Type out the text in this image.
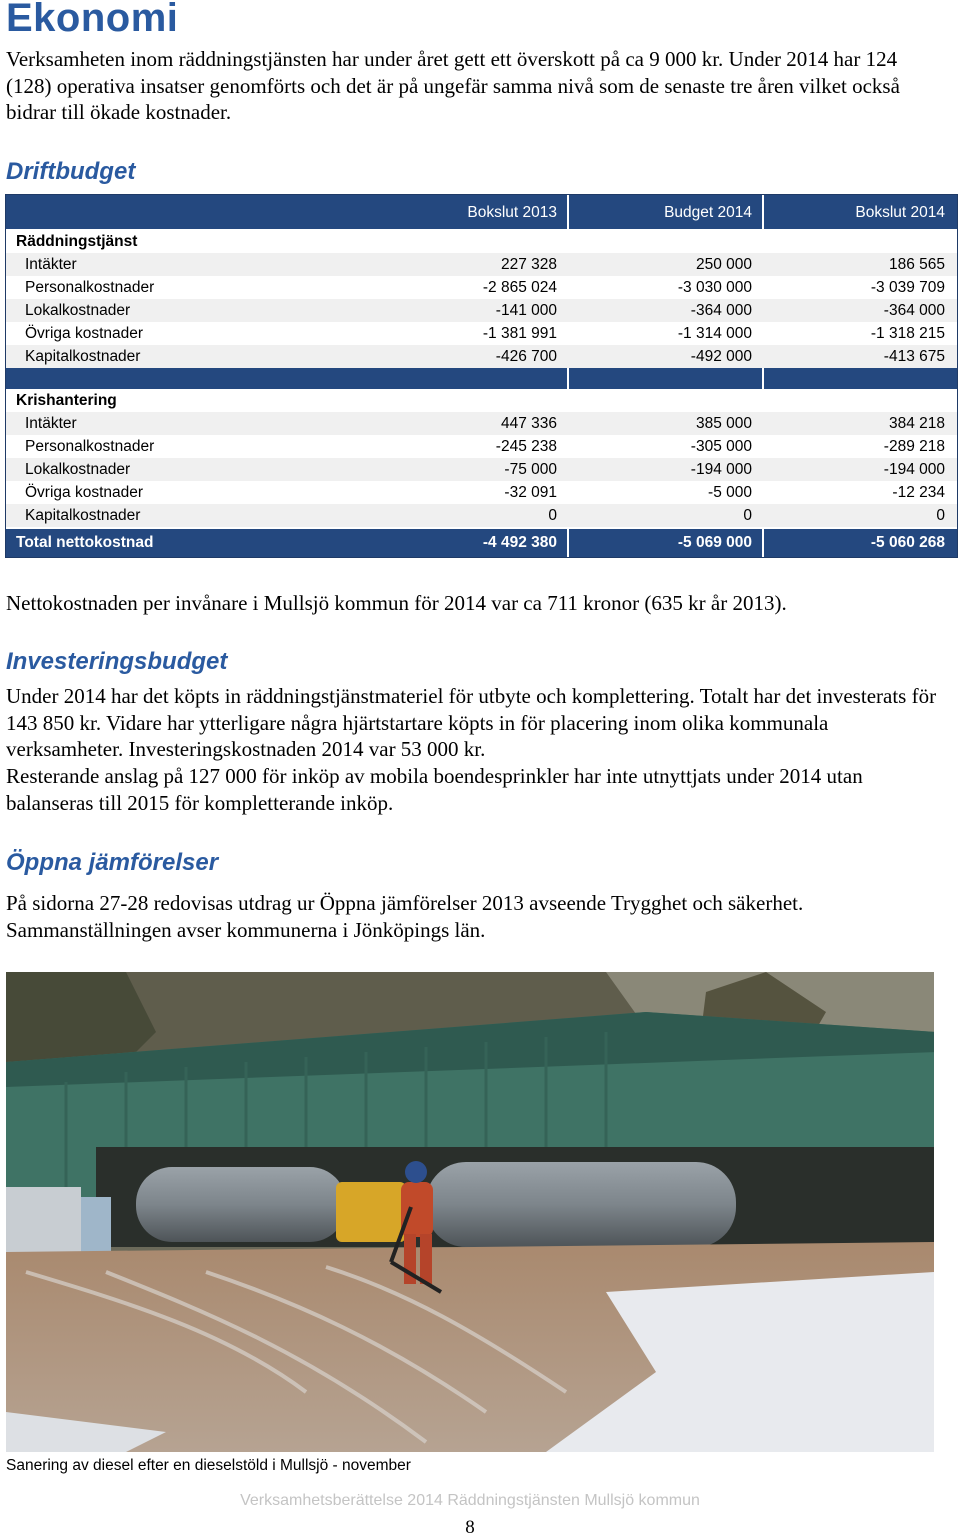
Ekonomi

Verksamheten inom räddningstjänsten har under året gett ett överskott på ca 9 000 kr. Under 2014 har 124 (128) operativa insatser genomförts och det är på ungefär samma nivå som de senaste tre åren vilket också bidrar till ökade kostnader.

Driftbudget
Bokslut 2013	Budget 2014	Bokslut 2014
Räddningstjänst
Intäkter	227 328	250 000	186 565
Personalkostnader	-2 865 024	-3 030 000	-3 039 709
Lokalkostnader	-141 000	-364 000	-364 000
Övriga kostnader	-1 381 991	-1 314 000	-1 318 215
Kapitalkostnader	-426 700	-492 000	-413 675
Krishantering
Intäkter	447 336	385 000	384 218
Personalkostnader	-245 238	-305 000	-289 218
Lokalkostnader	-75 000	-194 000	-194 000
Övriga kostnader	-32 091	-5 000	-12 234
Kapitalkostnader	0	0	0
Total nettokostnad	-4 492 380	-5 069 000	-5 060 268

Nettokostnaden per invånare i Mullsjö kommun för 2014 var ca 711 kronor (635 kr år 2013).

Investeringsbudget

Under 2014 har det köpts in räddningstjänstmateriel för utbyte och komplettering. Totalt har det investerats för 143 850 kr. Vidare har ytterligare några hjärtstartare köpts in för placering inom olika kommunala verksamheter. Investeringskostnaden 2014 var 53 000 kr.

Resterande anslag på 127 000 för inköp av mobila boendesprinkler har inte utnyttjats under 2014 utan balanseras till 2015 för kompletterande inköp.

Öppna jämförelser

På sidorna 27-28 redovisas utdrag ur Öppna jämförelser 2013 avseende Trygghet och säkerhet. Sammanställningen avser kommunerna i Jönköpings län.

Sanering av diesel efter en dieselstöld i Mullsjö - november
Verksamhetsberättelse 2014 Räddningstjänsten Mullsjö kommun
8
